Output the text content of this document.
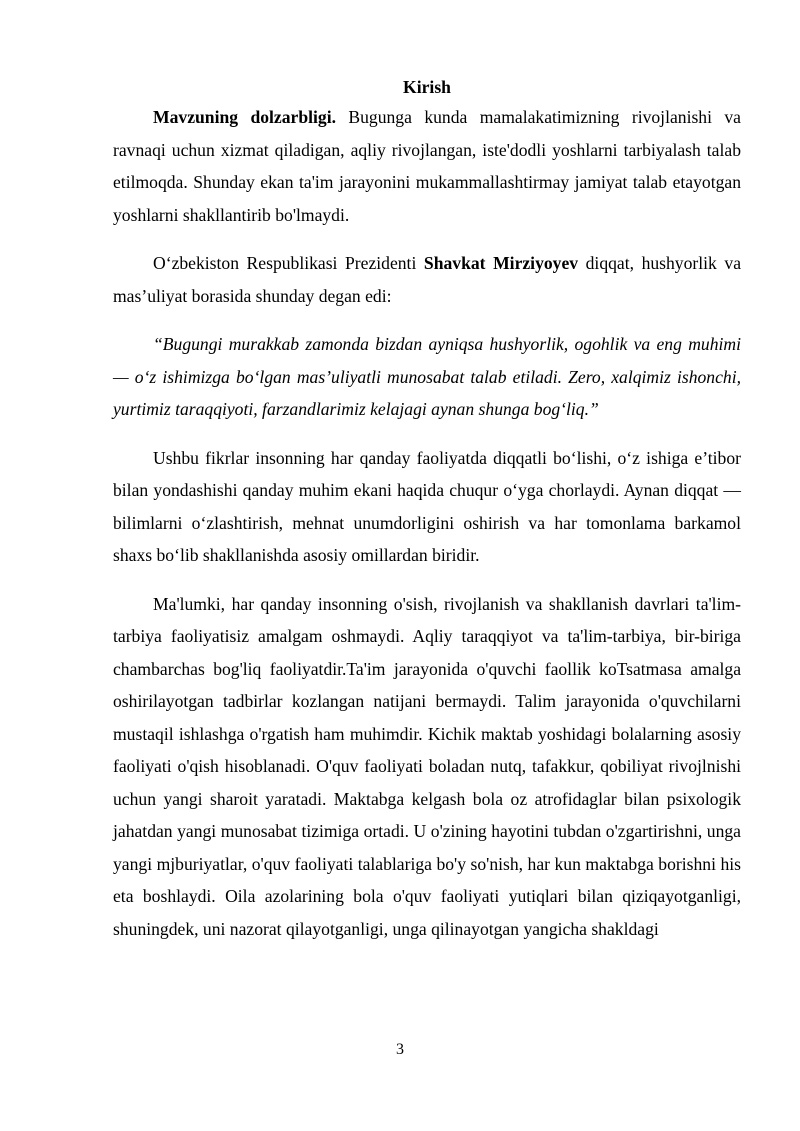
Kirish

Mavzuning dolzarbligi. Bugunga kunda mamalakatimizning rivojlanishi va ravnaqi uchun xizmat qiladigan, aqliy rivojlangan, iste'dodli yoshlarni tarbiyalash talab etilmoqda. Shunday ekan ta'im jarayonini mukammallashtirmay jamiyat talab etayotgan yoshlarni shakllantirib bo'lmaydi.

O‘zbekiston Respublikasi Prezidenti Shavkat Mirziyoyev diqqat, hushyorlik va mas’uliyat borasida shunday degan edi:

“Bugungi murakkab zamonda bizdan ayniqsa hushyorlik, ogohlik va eng muhimi — o‘z ishimizga bo‘lgan mas’uliyatli munosabat talab etiladi. Zero, xalqimiz ishonchi, yurtimiz taraqqiyoti, farzandlarimiz kelajagi aynan shunga bog‘liq.”

Ushbu fikrlar insonning har qanday faoliyatda diqqatli bo‘lishi, o‘z ishiga e’tibor bilan yondashishi qanday muhim ekani haqida chuqur o‘yga chorlaydi. Aynan diqqat — bilimlarni o‘zlashtirish, mehnat unumdorligini oshirish va har tomonlama barkamol shaxs bo‘lib shakllanishda asosiy omillardan biridir.

Ma'lumki, har qanday insonning o'sish, rivojlanish va shakllanish davrlari ta'lim-tarbiya faoliyatisiz amalgam oshmaydi. Aqliy taraqqiyot va ta'lim-tarbiya, bir-biriga chambarchas bog'liq faoliyatdir.Ta'im jarayonida o'quvchi faollik koTsatmasa amalga oshirilayotgan tadbirlar kozlangan natijani bermaydi. Talim jarayonida o'quvchilarni mustaqil ishlashga o'rgatish ham muhimdir. Kichik maktab yoshidagi bolalarning asosiy faoliyati o'qish hisoblanadi. O'quv faoliyati boladan nutq, tafakkur, qobiliyat rivojlnishi uchun yangi sharoit yaratadi. Maktabga kelgash bola oz atrofidaglar bilan psixologik jahatdan yangi munosabat tizimiga ortadi. U o'zining hayotini tubdan o'zgartirishni, unga yangi mjburiyatlar, o'quv faoliyati talablariga bo'y so'nish, har kun maktabga borishni his eta boshlaydi. Oila azolarining bola o'quv faoliyati yutiqlari bilan qiziqayotganligi, shuningdek, uni nazorat qilayotganligi, unga qilinayotgan yangicha shakldagi

3
